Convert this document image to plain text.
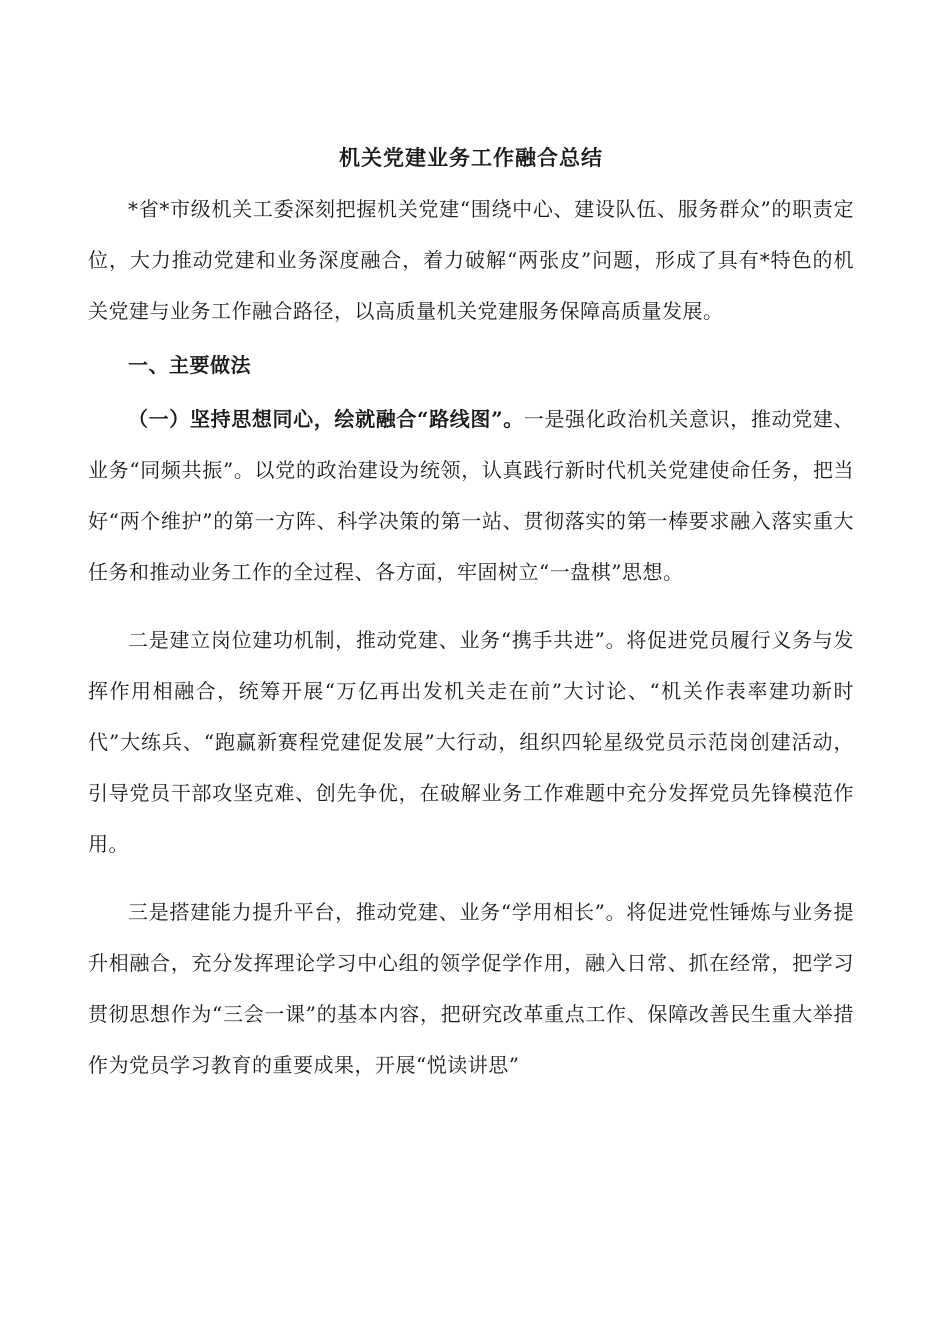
机关党建业务工作融合总结

*省*市级机关工委深刻把握机关党建“围绕中心、建设队伍、服务群众”的职责定位，大力推动党建和业务深度融合，着力破解“两张皮”问题，形成了具有*特色的机关党建与业务工作融合路径，以高质量机关党建服务保障高质量发展。

一、主要做法

（一）坚持思想同心，绘就融合“路线图”。一是强化政治机关意识，推动党建、业务“同频共振”。以党的政治建设为统领，认真践行新时代机关党建使命任务，把当好“两个维护”的第一方阵、科学决策的第一站、贯彻落实的第一棒要求融入落实重大任务和推动业务工作的全过程、各方面，牢固树立“一盘棋”思想。

二是建立岗位建功机制，推动党建、业务“携手共进”。将促进党员履行义务与发挥作用相融合，统筹开展“万亿再出发机关走在前”大讨论、“机关作表率建功新时代”大练兵、“跑赢新赛程党建促发展”大行动，组织四轮星级党员示范岗创建活动，引导党员干部攻坚克难、创先争优，在破解业务工作难题中充分发挥党员先锋模范作用。

三是搭建能力提升平台，推动党建、业务“学用相长”。将促进党性锤炼与业务提升相融合，充分发挥理论学习中心组的领学促学作用，融入日常、抓在经常，把学习贯彻思想作为“三会一课”的基本内容，把研究改革重点工作、保障改善民生重大举措作为党员学习教育的重要成果，开展“悦读讲思”
